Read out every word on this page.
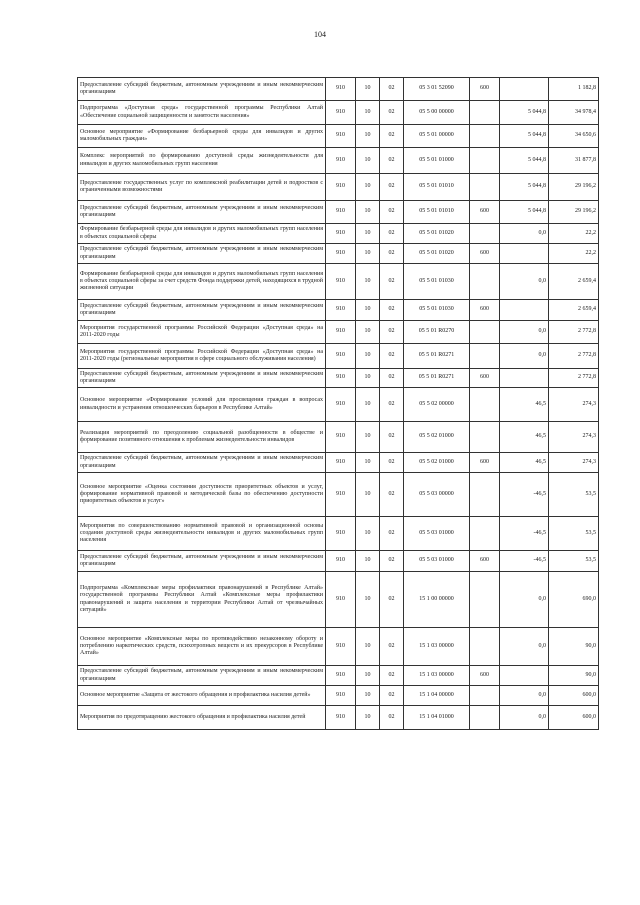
104
Предоставление субсидий бюджетным, автономным учреждениям и иным некоммерческим организациям	910	10	02	05 3 01 52090	600		1 182,8
Подпрограмма «Доступная среда» государственной программы Республики Алтай «Обеспечение социальной защищенности и занятости населения»	910	10	02	05 5 00 00000		5 044,8	34 978,4
Основное мероприятие «Формирование безбарьерной среды для инвалидов и других маломобильных граждан»	910	10	02	05 5 01 00000		5 044,8	34 650,6
Комплекс мероприятий по формированию доступной среды жизнедеятельности для инвалидов и других маломобильных групп населения	910	10	02	05 5 01 01000		5 044,8	31 877,8
Предоставление государственных услуг по комплексной реабилитации детей и подростков с ограниченными возможностями	910	10	02	05 5 01 01010		5 044,8	29 196,2
Предоставление субсидий бюджетным, автономным учреждениям и иным некоммерческим организациям	910	10	02	05 5 01 01010	600	5 044,8	29 196,2
Формирование безбарьерной среды для инвалидов и других маломобильных групп населения в объектах социальной сферы	910	10	02	05 5 01 01020		0,0	22,2
Предоставление субсидий бюджетным, автономным учреждениям и иным некоммерческим организациям	910	10	02	05 5 01 01020	600		22,2
Формирование безбарьерной среды для инвалидов и других маломобильных групп населения в объектах социальной сферы за счет средств Фонда поддержки детей, находящихся в трудной жизненной ситуации	910	10	02	05 5 01 01030		0,0	2 659,4
Предоставление субсидий бюджетным, автономным учреждениям и иным некоммерческим организациям	910	10	02	05 5 01 01030	600		2 659,4
Мероприятия государственной программы Российской Федерации «Доступная среда» на 2011-2020 годы	910	10	02	05 5 01 R0270		0,0	2 772,8
Мероприятия государственной программы Российской Федерации «Доступная среда» на 2011-2020 годы (региональные мероприятия в сфере социального обслуживания населения)	910	10	02	05 5 01 R0271		0,0	2 772,8
Предоставление субсидий бюджетным, автономным учреждениям и иным некоммерческим организациям	910	10	02	05 5 01 R0271	600		2 772,8
Основное мероприятие «Формирование условий для просвещения граждан в вопросах инвалидности и устранения отношенческих барьеров в Республике Алтай»	910	10	02	05 5 02 00000		46,5	274,3
Реализация мероприятий по преодолению социальной разобщенности в обществе и формирование позитивного отношения к проблемам жизнедеятельности инвалидов	910	10	02	05 5 02 01000		46,5	274,3
Предоставление субсидий бюджетным, автономным учреждениям и иным некоммерческим организациям	910	10	02	05 5 02 01000	600	46,5	274,3
Основное мероприятие «Оценка состояния доступности приоритетных объектов и услуг, формирование нормативной правовой и методической базы по обеспечению доступности приоритетных объектов и услуг»	910	10	02	05 5 03 00000		-46,5	53,5
Мероприятия по совершенствованию нормативной правовой и организационной основы создания доступной среды жизнедеятельности инвалидов и других маломобильных групп населения	910	10	02	05 5 03 01000		-46,5	53,5
Предоставление субсидий бюджетным, автономным учреждениям и иным некоммерческим организациям	910	10	02	05 5 03 01000	600	-46,5	53,5
Подпрограмма «Комплексные меры профилактики правонарушений в Республике Алтай» государственной программы Республики Алтай «Комплексные меры профилактики правонарушений и защита населения и территории Республики Алтай от чрезвычайных ситуаций»	910	10	02	15 1 00 00000		0,0	690,0
Основное мероприятие «Комплексные меры по противодействию незаконному обороту и потреблению наркотических средств, психотропных веществ и их прекурсоров в Республике Алтай»	910	10	02	15 1 03 00000		0,0	90,0
Предоставление субсидий бюджетным, автономным учреждениям и иным некоммерческим организациям	910	10	02	15 1 03 00000	600		90,0
Основное мероприятие «Защита от жестокого обращения и профилактика насилия детей»	910	10	02	15 1 04 00000		0,0	600,0
Мероприятия по предотвращению жестокого обращения и профилактика насилия детей	910	10	02	15 1 04 01000		0,0	600,0
